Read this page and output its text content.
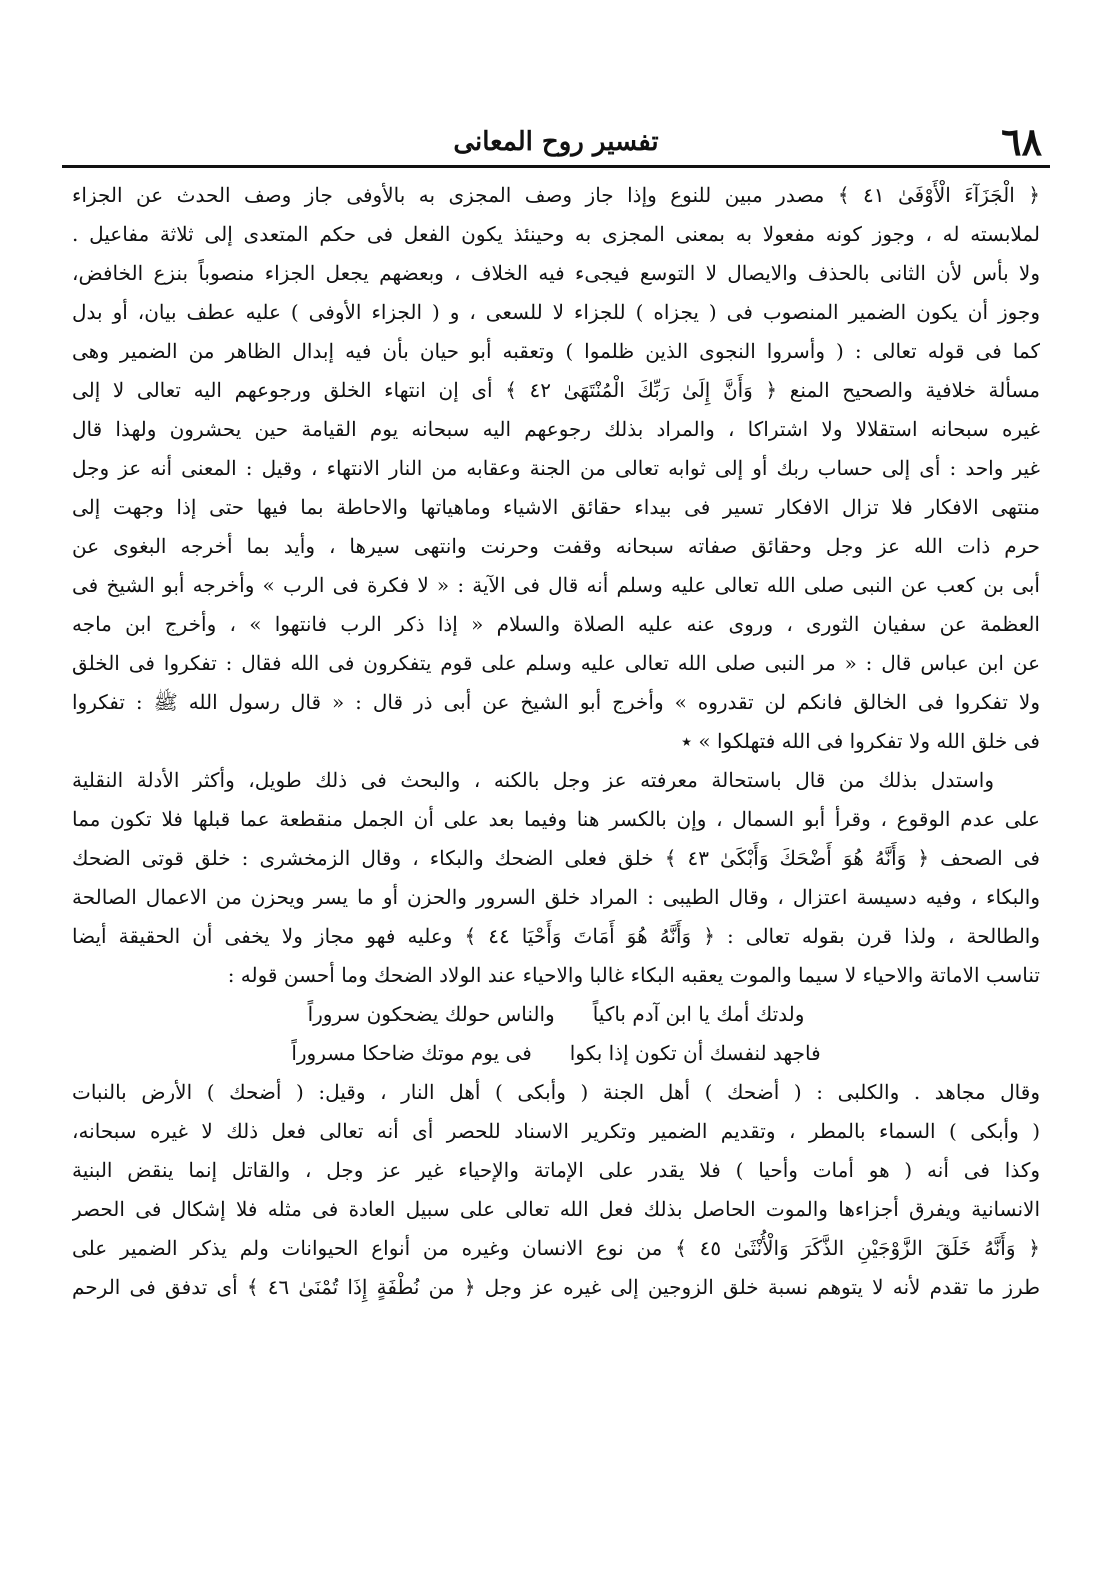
٦٨
تفسير روح المعانى
﴿ الْجَزَآءَ الْأَوْفَىٰ ٤١ ﴾ مصدر مبين للنوع وإذا جاز وصف المجزى به بالأوفى جاز وصف الحدث عن الجزاء
لملابسته له ، وجوز كونه مفعولا به بمعنى المجزى به وحينئذ يكون الفعل فى حكم المتعدى إلى ثلاثة مفاعيل .
ولا بأس لأن الثانى بالحذف والايصال لا التوسع فيجىء فيه الخلاف ، وبعضهم يجعل الجزاء منصوباً بنزع الخافض،
وجوز أن يكون الضمير المنصوب فى ( يجزاه ) للجزاء لا للسعى ، و ( الجزاء الأوفى ) عليه عطف بيان، أو بدل
كما فى قوله تعالى : ( وأسروا النجوى الذين ظلموا ) وتعقبه أبو حيان بأن فيه إبدال الظاهر من الضمير وهى
مسألة خلافية والصحيح المنع ﴿ وَأَنَّ إِلَىٰ رَبِّكَ الْمُنْتَهَىٰ ٤٢ ﴾ أى إن انتهاء الخلق ورجوعهم اليه تعالى لا إلى
غيره سبحانه استقلالا ولا اشتراكا ، والمراد بذلك رجوعهم اليه سبحانه يوم القيامة حين يحشرون ولهذا قال
غير واحد : أى إلى حساب ربك أو إلى ثوابه تعالى من الجنة وعقابه من النار الانتهاء ، وقيل : المعنى أنه عز وجل
منتهى الافكار فلا تزال الافكار تسير فى بيداء حقائق الاشياء وماهياتها والاحاطة بما فيها حتى إذا وجهت إلى
حرم ذات الله عز وجل وحقائق صفاته سبحانه وقفت وحرنت وانتهى سيرها ، وأيد بما أخرجه البغوى عن
أبى بن كعب عن النبى صلى الله تعالى عليه وسلم أنه قال فى الآية : « لا فكرة فى الرب » وأخرجه أبو الشيخ فى
العظمة عن سفيان الثورى ، وروى عنه عليه الصلاة والسلام « إذا ذكر الرب فانتهوا » ، وأخرج ابن ماجه
عن ابن عباس قال : « مر النبى صلى الله تعالى عليه وسلم على قوم يتفكرون فى الله فقال : تفكروا فى الخلق
ولا تفكروا فى الخالق فانكم لن تقدروه » وأخرج أبو الشيخ عن أبى ذر قال : « قال رسول الله ﷺ : تفكروا
فى خلق الله ولا تفكروا فى الله فتهلكوا » ٭
واستدل بذلك من قال باستحالة معرفته عز وجل بالكنه ، والبحث فى ذلك طويل، وأكثر الأدلة النقلية
على عدم الوقوع ، وقرأ أبو السمال ، وإن بالكسر هنا وفيما بعد على أن الجمل منقطعة عما قبلها فلا تكون مما
فى الصحف ﴿ وَأَنَّهُ هُوَ أَضْحَكَ وَأَبْكَىٰ ٤٣ ﴾ خلق فعلى الضحك والبكاء ، وقال الزمخشرى : خلق قوتى الضحك
والبكاء ، وفيه دسيسة اعتزال ، وقال الطيبى : المراد خلق السرور والحزن أو ما يسر ويحزن من الاعمال الصالحة
والطالحة ، ولذا قرن بقوله تعالى : ﴿ وَأَنَّهُ هُوَ أَمَاتَ وَأَحْيَا ٤٤ ﴾ وعليه فهو مجاز ولا يخفى أن الحقيقة أيضا
تناسب الاماتة والاحياء لا سيما والموت يعقبه البكاء غالبا والاحياء عند الولاد الضحك وما أحسن قوله :
ولدتك أمك يا ابن آدم باكياً
والناس حولك يضحكون سروراً
فاجهد لنفسك أن تكون إذا بكوا
فى يوم موتك ضاحكا مسروراً
وقال مجاهد . والكلبى : ( أضحك ) أهل الجنة ( وأبكى ) أهل النار ، وقيل: ( أضحك ) الأرض بالنبات
( وأبكى ) السماء بالمطر ، وتقديم الضمير وتكرير الاسناد للحصر أى أنه تعالى فعل ذلك لا غيره سبحانه،
وكذا فى أنه ( هو أمات وأحيا ) فلا يقدر على الإماتة والإحياء غير عز وجل ، والقاتل إنما ينقض البنية
الانسانية ويفرق أجزاءها والموت الحاصل بذلك فعل الله تعالى على سبيل العادة فى مثله فلا إشكال فى الحصر
﴿ وَأَنَّهُ خَلَقَ الزَّوْجَيْنِ الذَّكَرَ وَالْأُنْثَىٰ ٤٥ ﴾ من نوع الانسان وغيره من أنواع الحيوانات ولم يذكر الضمير على
طرز ما تقدم لأنه لا يتوهم نسبة خلق الزوجين إلى غيره عز وجل ﴿ من نُطْفَةٍ إِذَا تُمْنَىٰ ٤٦ ﴾ أى تدفق فى الرحم
